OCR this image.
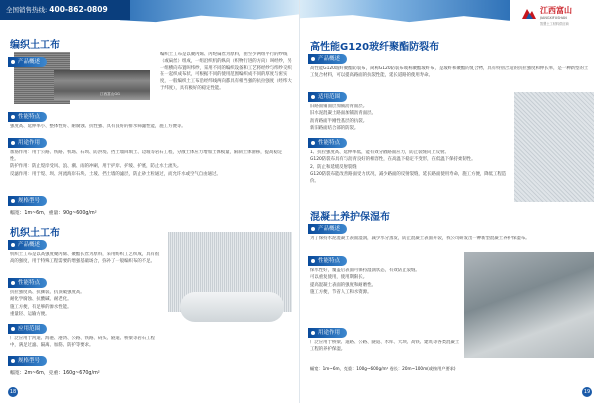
全国销售热线: 400-862-0809
编织土工布
江西富山GG
产品概述
编织土工布是以聚丙烯、丙纶扁丝为原料，由至少两组平行的纱线（或扁丝）组成，一组沿织机的纵向（织物行进的方向）叫经纱，另一组横向布置叫纬纱，采用不同的编织设备和工艺将经纱与纬纱交织在一起织成布状，可根据不同的使用范围编织成不同的厚度与密实度，一般编织土工布沿经纬线两向都具有相当强的抗拉强度（经纬大于纬度），具有极好的稳定性能。
性能特点
强度高、延伸率小、整体性好、耐腐蚀、抗性强、具有良好的排水筛滤性能，施工方便等。
用途作用

加筋作用：用于公路、铁路、机场、石坝、防洪堤、挡土墙回填土、边坡等岩石工程，分散土体应力增加土体模量，限制土体滑移，提高稳定性。

防护作用：防止堤岸受风、浪、潮、雨的冲刷，用于护岸、护坡、护底，防止水土流失。

反滤作用：用于堤、坝、河流海岸石块、土坡、挡土墙的滤层，防止砂土粒通过，而允许水或空气自由通过。

规格型号
幅宽：1m~6m，重量：90g~600g/m²
机织土工布
产品概述
机织土工布是以高强度聚丙烯、聚酯长丝为原料，采用纺织工艺织成，具有很高的强度，用于特殊工程需要的增强基础场合，弥补了一般编织布的不足。
性能特点

抗拉强度高、抗撕裂、抗顶破强度高。

耐化学腐蚀、抗酸碱、耐老化。

施工方便，有足够的渗水性能。

重量轻、运输方便。

应用范围
广泛应用于河道、海港、港湾、公路、铁路、码头、隧道、桥梁等岩石工程中，满足过滤、隔离、加筋、防护等要求。
规格型号
幅宽：2m~6m，克重：160g~670g/m²
18
江西富山
JIANGXIFUSHAN
智慧土工材料供应商
高性能G120玻纤聚酯防裂布
产品概述
高性能G120玻纤聚酯防裂布，简称G120防裂布或称聚酯玻纤布，是玻纤和聚酯的复合物，具有特别合适的抗拉强度和伸长率，是一种新型的土工复合材料，可以提高路面的抗裂性能，延长道路的使用寿命。
适用范围

旧路面铺面层加铺沥青面层。

旧水泥混凝土路面加铺沥青面层。

沥青路面半刚性基层的抗裂。

新旧路面结合部的防裂。

性能特点

1、抗拉强度高、延伸率低，能有效分散路面应力，防止裂缝向上反射。

G120防裂布具有与沥青良好的相容性，在高温下稳定不变形，在低温下保持柔韧性。

2、防止和延缓反射裂缝

G120防裂布能改善路面受力状况，减少路面的反射裂缝，延长路面使用寿命，施工方便，降低工程造价。

混凝土养护保湿布
产品概述
为了保持水泥混凝土表面湿润，减少水分蒸发，防止混凝土表面开裂，我公司研发出一种新型混凝土养护保湿布。
性能特点

保水性好，覆盖后表面可保持湿润状态，有效防止裂缝。

可以重复使用，使用期限长。

提高混凝土表面的强度和耐磨性。

施工方便，节省人工和水资源。

用途作用
广泛应用于桥梁、道路、公路、隧道、水库、大坝、高铁、建筑等各类混凝土工程的养护保湿。
幅宽：1m~6m，克重：100g~600g/m² 卷长：20m~100m(或按用户要求)
19
